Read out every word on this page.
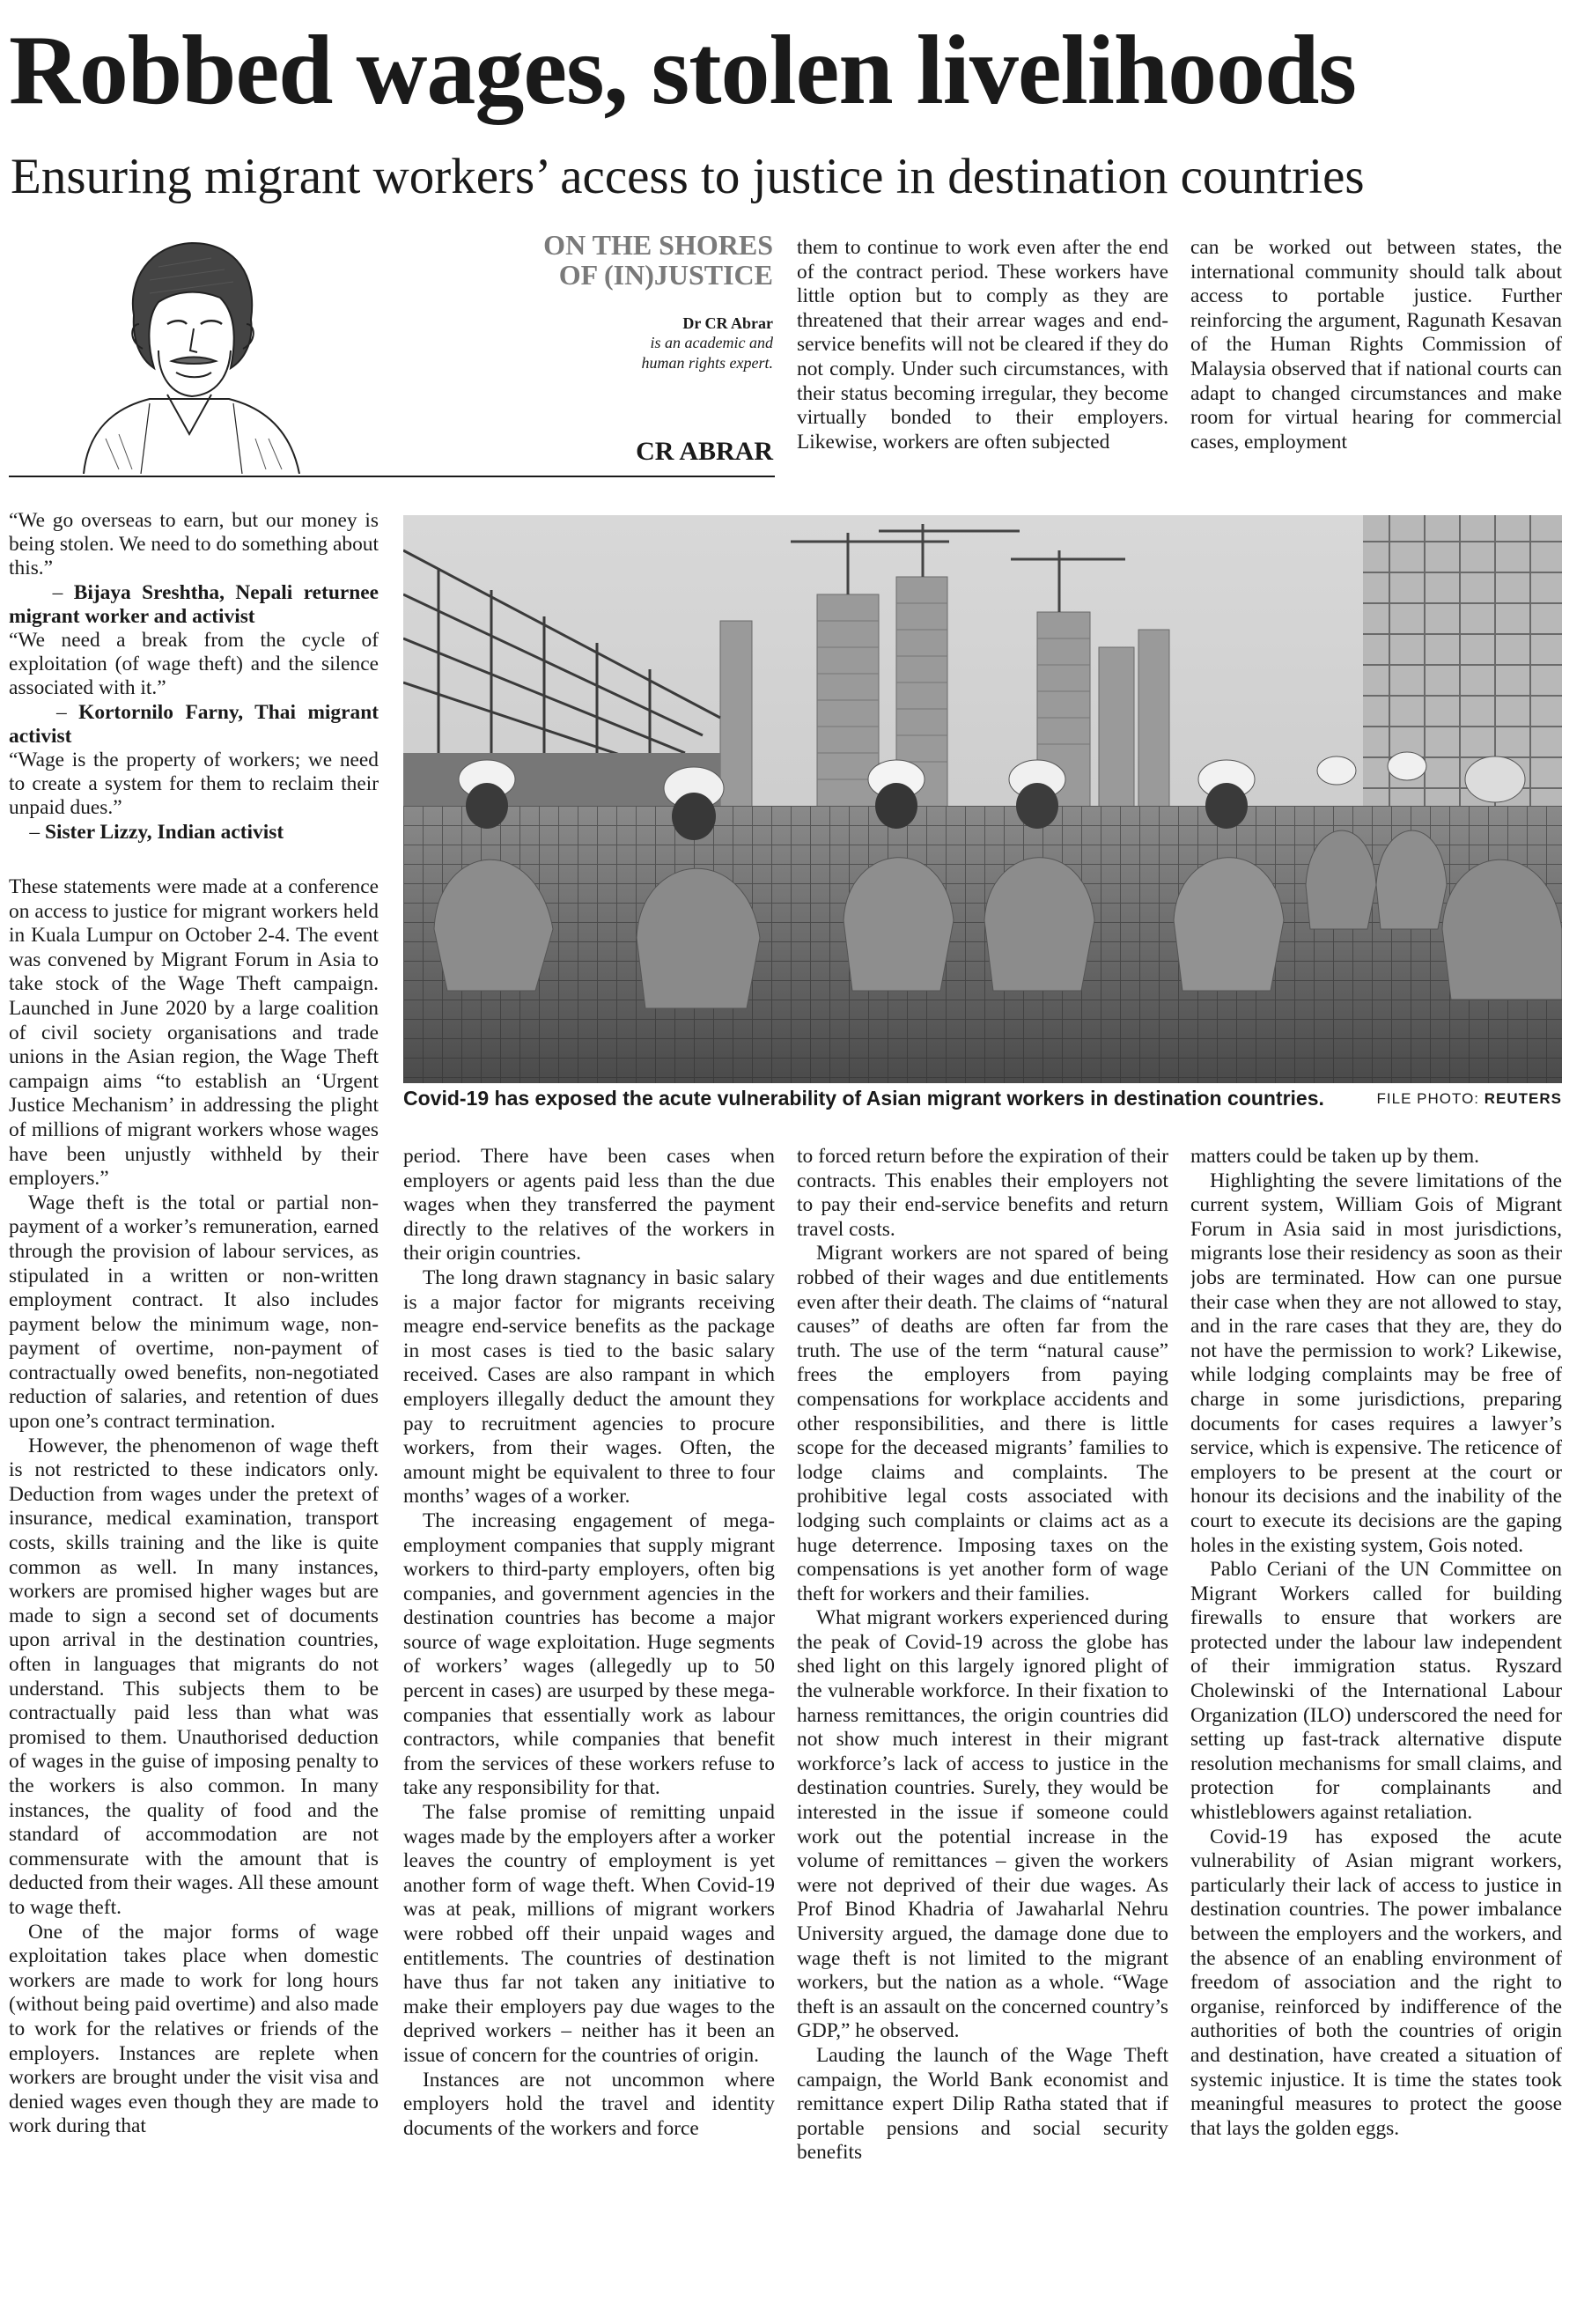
Robbed wages, stolen livelihoods
Ensuring migrant workers’ access to justice in destination countries
ON THE SHORES
OF (IN)JUSTICE
Dr CR Abrar
is an academic and
human rights expert.
CR ABRAR

them to continue to work even after the end of the contract period. These workers have little option but to comply as they are threatened that their arrear wages and end-service benefits will not be cleared if they do not comply. Under such circumstances, with their status becoming irregular, they become virtually bonded to their employers. Likewise, workers are often subjected

can be worked out between states, the international community should talk about access to portable justice. Further reinforcing the argument, Ragunath Kesavan of the Human Rights Commission of Malaysia observed that if national courts can adapt to changed circumstances and make room for virtual hearing for commercial cases, employment

“We go overseas to earn, but our money is being stolen. We need to do something about this.”
– Bijaya Sreshtha, Nepali returnee migrant worker and activist
“We need a break from the cycle of exploitation (of wage theft) and the silence associated with it.”
– Kortornilo Farny, Thai migrant activist
“Wage is the property of workers; we need to create a system for them to reclaim their unpaid dues.”
– Sister Lizzy, Indian activist
Covid-19 has exposed the acute vulnerability of Asian migrant workers in destination countries.	FILE PHOTO: REUTERS

These statements were made at a conference on access to justice for migrant workers held in Kuala Lumpur on October 2-4. The event was convened by Migrant Forum in Asia to take stock of the Wage Theft campaign. Launched in June 2020 by a large coalition of civil society organisations and trade unions in the Asian region, the Wage Theft campaign aims “to establish an ‘Urgent Justice Mechanism’ in addressing the plight of millions of migrant workers whose wages have been unjustly withheld by their employers.”

Wage theft is the total or partial non-payment of a worker’s remuneration, earned through the provision of labour services, as stipulated in a written or non-written employment contract. It also includes payment below the minimum wage, non-payment of overtime, non-payment of contractually owed benefits, non-negotiated reduction of salaries, and retention of dues upon one’s contract termination.

However, the phenomenon of wage theft is not restricted to these indicators only. Deduction from wages under the pretext of insurance, medical examination, transport costs, skills training and the like is quite common as well. In many instances, workers are promised higher wages but are made to sign a second set of documents upon arrival in the destination countries, often in languages that migrants do not understand. This subjects them to be contractually paid less than what was promised to them. Unauthorised deduction of wages in the guise of imposing penalty to the workers is also common. In many instances, the quality of food and the standard of accommodation are not commensurate with the amount that is deducted from their wages. All these amount to wage theft.

One of the major forms of wage exploitation takes place when domestic workers are made to work for long hours (without being paid overtime) and also made to work for the relatives or friends of the employers. Instances are replete when workers are brought under the visit visa and denied wages even though they are made to work during that

period. There have been cases when employers or agents paid less than the due wages when they transferred the payment directly to the relatives of the workers in their origin countries.

The long drawn stagnancy in basic salary is a major factor for migrants receiving meagre end-service benefits as the package in most cases is tied to the basic salary received. Cases are also rampant in which employers illegally deduct the amount they pay to recruitment agencies to procure workers, from their wages. Often, the amount might be equivalent to three to four months’ wages of a worker.

The increasing engagement of mega-employment companies that supply migrant workers to third-party employers, often big companies, and government agencies in the destination countries has become a major source of wage exploitation. Huge segments of workers’ wages (allegedly up to 50 percent in cases) are usurped by these mega-companies that essentially work as labour contractors, while companies that benefit from the services of these workers refuse to take any responsibility for that.

The false promise of remitting unpaid wages made by the employers after a worker leaves the country of employment is yet another form of wage theft. When Covid-19 was at peak, millions of migrant workers were robbed off their unpaid wages and entitlements. The countries of destination have thus far not taken any initiative to make their employers pay due wages to the deprived workers – neither has it been an issue of concern for the countries of origin.

Instances are not uncommon where employers hold the travel and identity documents of the workers and force

to forced return before the expiration of their contracts. This enables their employers not to pay their end-service benefits and return travel costs.

Migrant workers are not spared of being robbed of their wages and due entitlements even after their death. The claims of “natural causes” of deaths are often far from the truth. The use of the term “natural cause” frees the employers from paying compensations for workplace accidents and other responsibilities, and there is little scope for the deceased migrants’ families to lodge claims and complaints. The prohibitive legal costs associated with lodging such complaints or claims act as a huge deterrence. Imposing taxes on the compensations is yet another form of wage theft for workers and their families.

What migrant workers experienced during the peak of Covid-19 across the globe has shed light on this largely ignored plight of the vulnerable workforce. In their fixation to harness remittances, the origin countries did not show much interest in their migrant workforce’s lack of access to justice in the destination countries. Surely, they would be interested in the issue if someone could work out the potential increase in the volume of remittances – given the workers were not deprived of their due wages. As Prof Binod Khadria of Jawaharlal Nehru University argued, the damage done due to wage theft is not limited to the migrant workers, but the nation as a whole. “Wage theft is an assault on the concerned country’s GDP,” he observed.

Lauding the launch of the Wage Theft campaign, the World Bank economist and remittance expert Dilip Ratha stated that if portable pensions and social security benefits

matters could be taken up by them.

Highlighting the severe limitations of the current system, William Gois of Migrant Forum in Asia said in most jurisdictions, migrants lose their residency as soon as their jobs are terminated. How can one pursue their case when they are not allowed to stay, and in the rare cases that they are, they do not have the permission to work? Likewise, while lodging complaints may be free of charge in some jurisdictions, preparing documents for cases requires a lawyer’s service, which is expensive. The reticence of employers to be present at the court or honour its decisions and the inability of the court to execute its decisions are the gaping holes in the existing system, Gois noted.

Pablo Ceriani of the UN Committee on Migrant Workers called for building firewalls to ensure that workers are protected under the labour law independent of their immigration status. Ryszard Cholewinski of the International Labour Organization (ILO) underscored the need for setting up fast-track alternative dispute resolution mechanisms for small claims, and protection for complainants and whistleblowers against retaliation.

Covid-19 has exposed the acute vulnerability of Asian migrant workers, particularly their lack of access to justice in destination countries. The power imbalance between the employers and the workers, and the absence of an enabling environment of freedom of association and the right to organise, reinforced by indifference of the authorities of both the countries of origin and destination, have created a situation of systemic injustice. It is time the states took meaningful measures to protect the goose that lays the golden eggs.
